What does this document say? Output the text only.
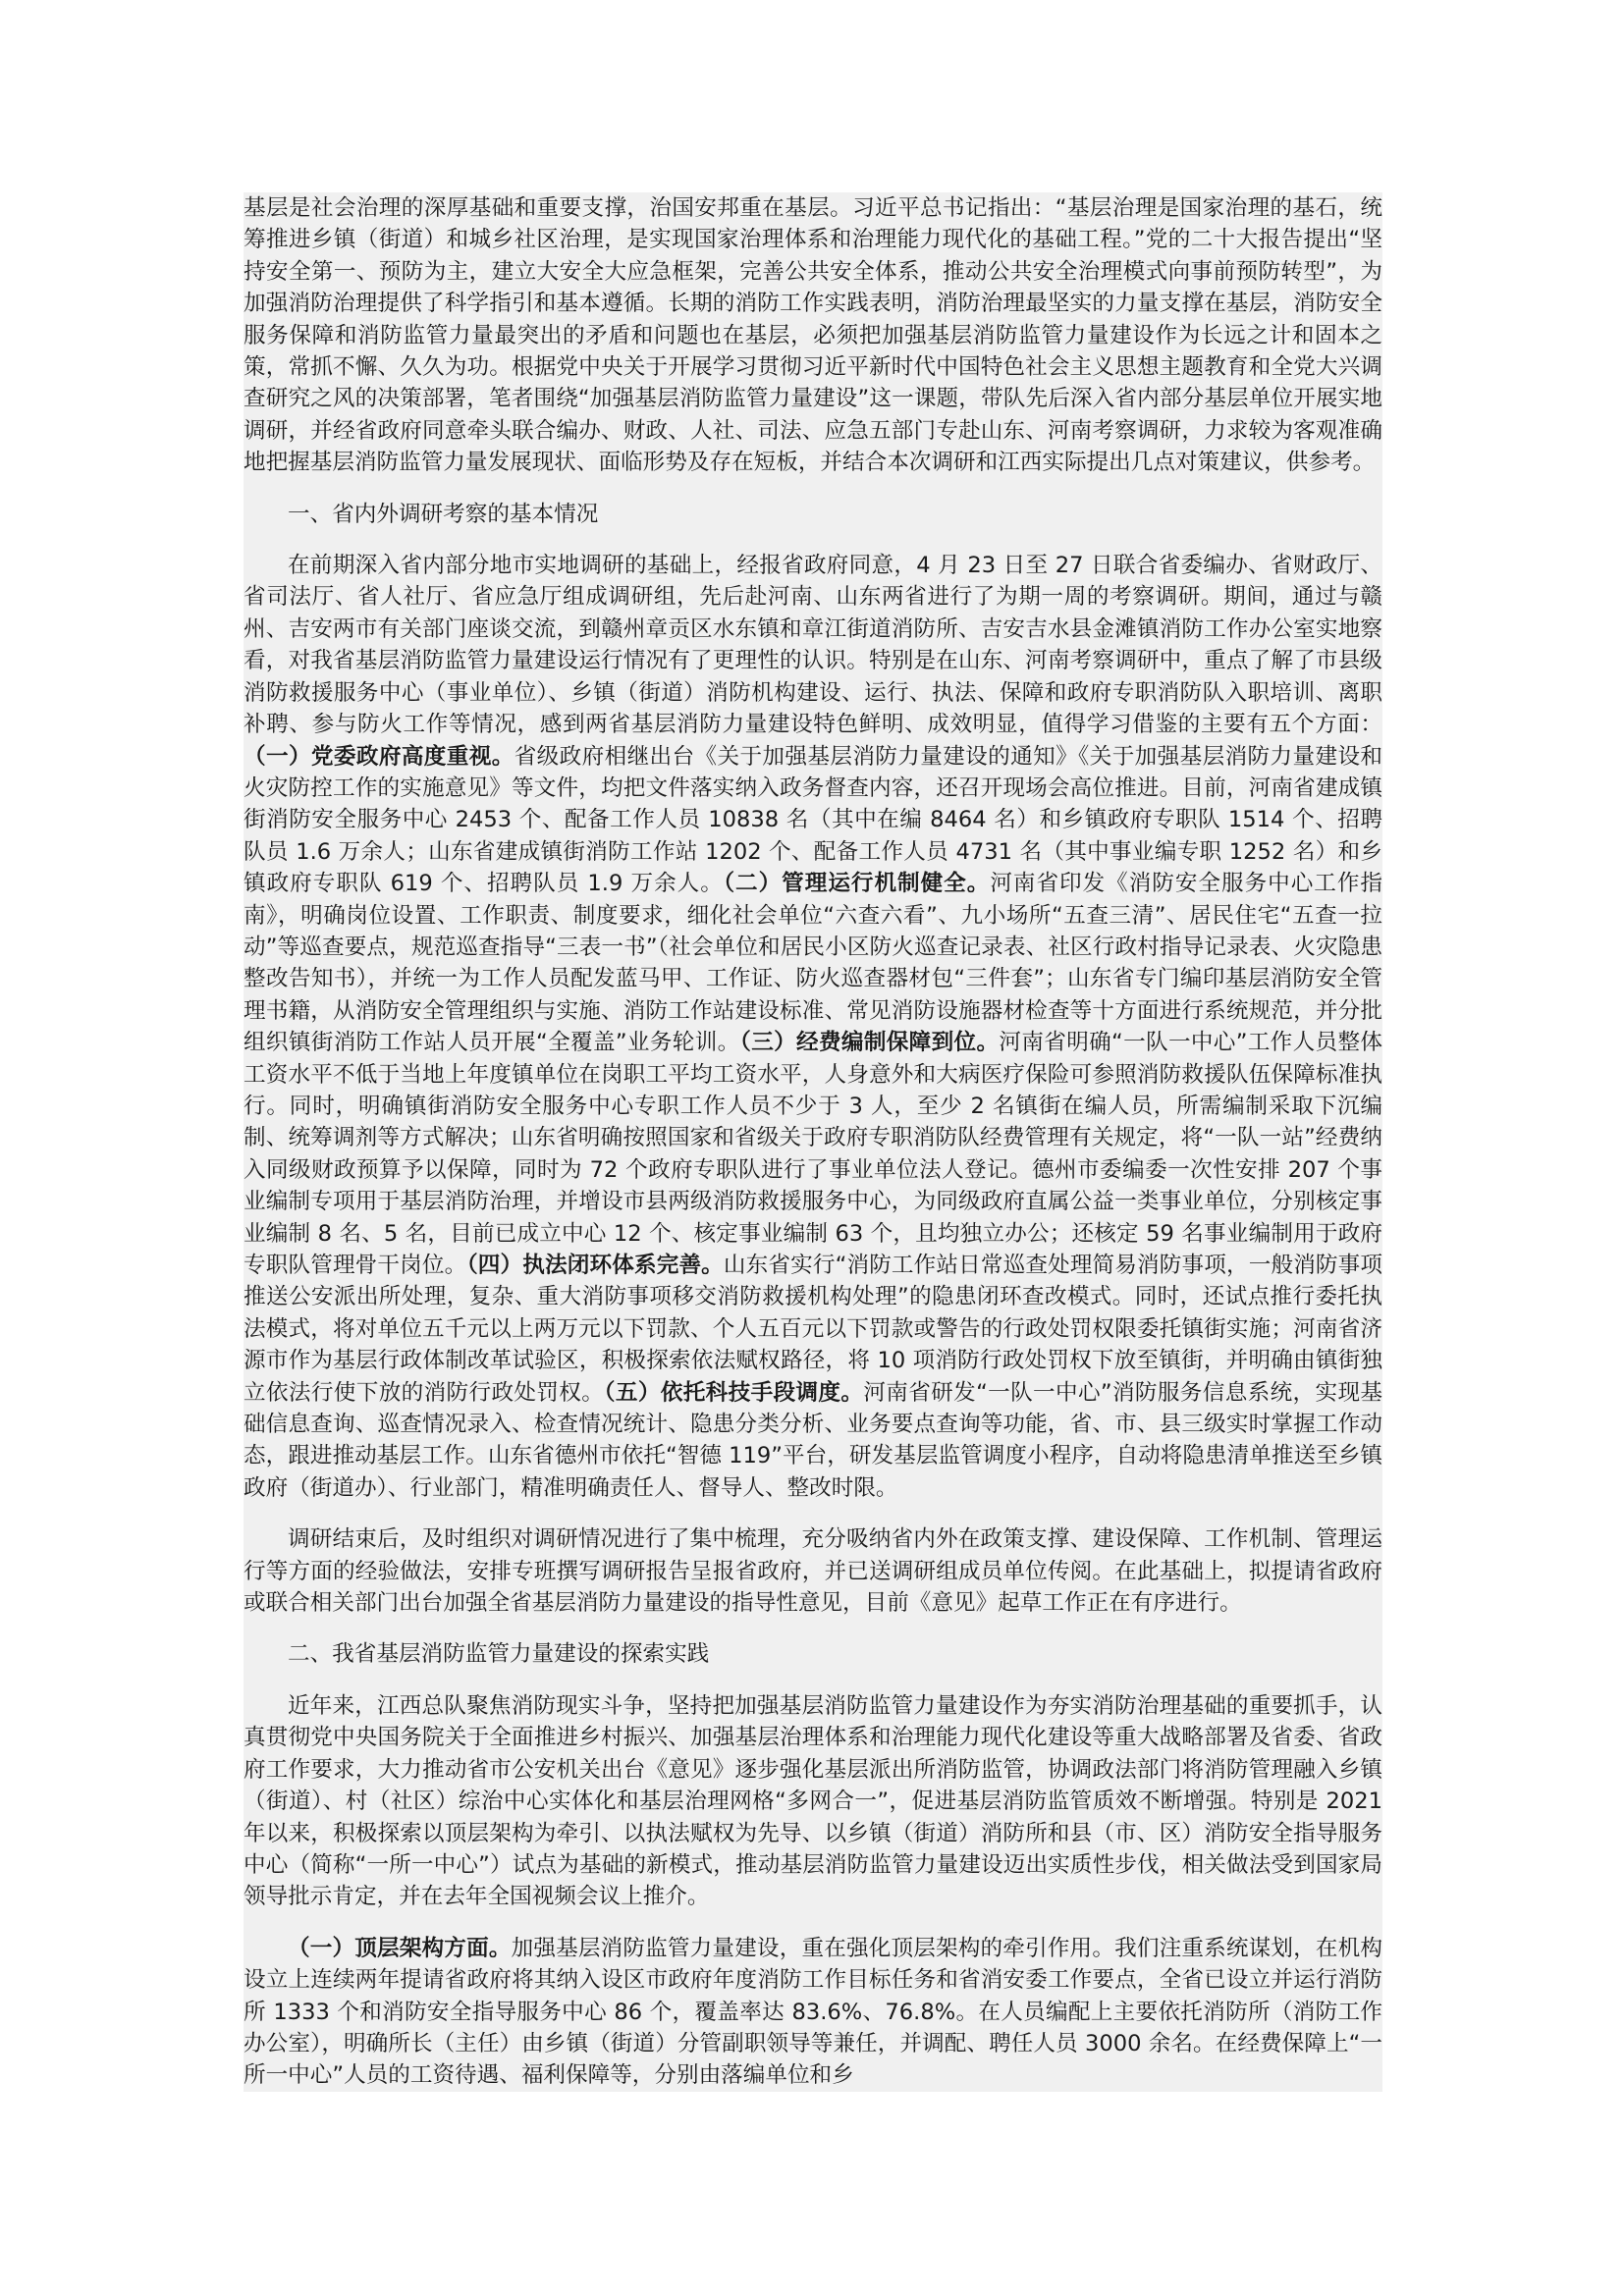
基层是社会治理的深厚基础和重要支撑，治国安邦重在基层。习近平总书记指出：“基层治理是国家治理的基石，统筹推进乡镇（街道）和城乡社区治理，是实现国家治理体系和治理能力现代化的基础工程。”党的二十大报告提出“坚持安全第一、预防为主，建立大安全大应急框架，完善公共安全体系，推动公共安全治理模式向事前预防转型”，为加强消防治理提供了科学指引和基本遵循。长期的消防工作实践表明，消防治理最坚实的力量支撑在基层，消防安全服务保障和消防监管力量最突出的矛盾和问题也在基层，必须把加强基层消防监管力量建设作为长远之计和固本之策，常抓不懈、久久为功。根据党中央关于开展学习贯彻习近平新时代中国特色社会主义思想主题教育和全党大兴调查研究之风的决策部署，笔者围绕“加强基层消防监管力量建设”这一课题，带队先后深入省内部分基层单位开展实地调研，并经省政府同意牵头联合编办、财政、人社、司法、应急五部门专赴山东、河南考察调研，力求较为客观准确地把握基层消防监管力量发展现状、面临形势及存在短板，并结合本次调研和江西实际提出几点对策建议，供参考。

一、省内外调研考察的基本情况

在前期深入省内部分地市实地调研的基础上，经报省政府同意，4 月 23 日至 27 日联合省委编办、省财政厅、省司法厅、省人社厅、省应急厅组成调研组，先后赴河南、山东两省进行了为期一周的考察调研。期间，通过与赣州、吉安两市有关部门座谈交流，到赣州章贡区水东镇和章江街道消防所、吉安吉水县金滩镇消防工作办公室实地察看，对我省基层消防监管力量建设运行情况有了更理性的认识。特别是在山东、河南考察调研中，重点了解了市县级消防救援服务中心（事业单位）、乡镇（街道）消防机构建设、运行、执法、保障和政府专职消防队入职培训、离职补聘、参与防火工作等情况，感到两省基层消防力量建设特色鲜明、成效明显，值得学习借鉴的主要有五个方面：（一）党委政府高度重视。省级政府相继出台《关于加强基层消防力量建设的通知》《关于加强基层消防力量建设和火灾防控工作的实施意见》等文件，均把文件落实纳入政务督查内容，还召开现场会高位推进。目前，河南省建成镇街消防安全服务中心 2453 个、配备工作人员 10838 名（其中在编 8464 名）和乡镇政府专职队 1514 个、招聘队员 1.6 万余人；山东省建成镇街消防工作站 1202 个、配备工作人员 4731 名（其中事业编专职 1252 名）和乡镇政府专职队 619 个、招聘队员 1.9 万余人。（二）管理运行机制健全。河南省印发《消防安全服务中心工作指南》，明确岗位设置、工作职责、制度要求，细化社会单位“六查六看”、九小场所“五查三清”、居民住宅“五查一拉动”等巡查要点，规范巡查指导“三表一书”（社会单位和居民小区防火巡查记录表、社区行政村指导记录表、火灾隐患整改告知书），并统一为工作人员配发蓝马甲、工作证、防火巡查器材包“三件套”；山东省专门编印基层消防安全管理书籍，从消防安全管理组织与实施、消防工作站建设标准、常见消防设施器材检查等十方面进行系统规范，并分批组织镇街消防工作站人员开展“全覆盖”业务轮训。（三）经费编制保障到位。河南省明确“一队一中心”工作人员整体工资水平不低于当地上年度镇单位在岗职工平均工资水平，人身意外和大病医疗保险可参照消防救援队伍保障标准执行。同时，明确镇街消防安全服务中心专职工作人员不少于 3 人，至少 2 名镇街在编人员，所需编制采取下沉编制、统筹调剂等方式解决；山东省明确按照国家和省级关于政府专职消防队经费管理有关规定，将“一队一站”经费纳入同级财政预算予以保障，同时为 72 个政府专职队进行了事业单位法人登记。德州市委编委一次性安排 207 个事业编制专项用于基层消防治理，并增设市县两级消防救援服务中心，为同级政府直属公益一类事业单位，分别核定事业编制 8 名、5 名，目前已成立中心 12 个、核定事业编制 63 个，且均独立办公；还核定 59 名事业编制用于政府专职队管理骨干岗位。（四）执法闭环体系完善。山东省实行“消防工作站日常巡查处理简易消防事项，一般消防事项推送公安派出所处理，复杂、重大消防事项移交消防救援机构处理”的隐患闭环查改模式。同时，还试点推行委托执法模式，将对单位五千元以上两万元以下罚款、个人五百元以下罚款或警告的行政处罚权限委托镇街实施；河南省济源市作为基层行政体制改革试验区，积极探索依法赋权路径，将 10 项消防行政处罚权下放至镇街，并明确由镇街独立依法行使下放的消防行政处罚权。（五）依托科技手段调度。河南省研发“一队一中心”消防服务信息系统，实现基础信息查询、巡查情况录入、检查情况统计、隐患分类分析、业务要点查询等功能，省、市、县三级实时掌握工作动态，跟进推动基层工作。山东省德州市依托“智德 119”平台，研发基层监管调度小程序，自动将隐患清单推送至乡镇政府（街道办）、行业部门，精准明确责任人、督导人、整改时限。

调研结束后，及时组织对调研情况进行了集中梳理，充分吸纳省内外在政策支撑、建设保障、工作机制、管理运行等方面的经验做法，安排专班撰写调研报告呈报省政府，并已送调研组成员单位传阅。在此基础上，拟提请省政府或联合相关部门出台加强全省基层消防力量建设的指导性意见，目前《意见》起草工作正在有序进行。

二、我省基层消防监管力量建设的探索实践

近年来，江西总队聚焦消防现实斗争，坚持把加强基层消防监管力量建设作为夯实消防治理基础的重要抓手，认真贯彻党中央国务院关于全面推进乡村振兴、加强基层治理体系和治理能力现代化建设等重大战略部署及省委、省政府工作要求，大力推动省市公安机关出台《意见》逐步强化基层派出所消防监管，协调政法部门将消防管理融入乡镇（街道）、村（社区）综治中心实体化和基层治理网格“多网合一”，促进基层消防监管质效不断增强。特别是 2021 年以来，积极探索以顶层架构为牵引、以执法赋权为先导、以乡镇（街道）消防所和县（市、区）消防安全指导服务中心（简称“一所一中心”）试点为基础的新模式，推动基层消防监管力量建设迈出实质性步伐，相关做法受到国家局领导批示肯定，并在去年全国视频会议上推介。

（一）顶层架构方面。加强基层消防监管力量建设，重在强化顶层架构的牵引作用。我们注重系统谋划，在机构设立上连续两年提请省政府将其纳入设区市政府年度消防工作目标任务和省消安委工作要点，全省已设立并运行消防所 1333 个和消防安全指导服务中心 86 个，覆盖率达 83.6%、76.8%。在人员编配上主要依托消防所（消防工作办公室），明确所长（主任）由乡镇（街道）分管副职领导等兼任，并调配、聘任人员 3000 余名。在经费保障上“一所一中心”人员的工资待遇、福利保障等，分别由落编单位和乡
